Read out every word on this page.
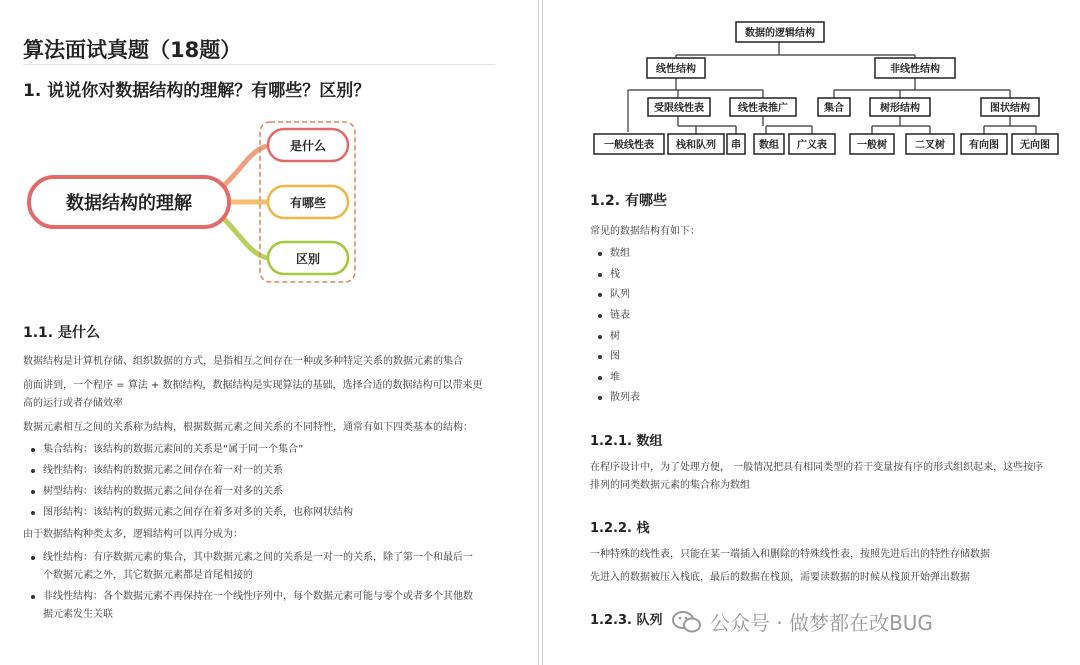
算法面试真题（18题）
1. 说说你对数据结构的理解？有哪些？区别？
数据结构的理解
是什么
有哪些
区别
1.1. 是什么
数据结构是计算机存储、组织数据的方式，是指相互之间存在一种或多种特定关系的数据元素的集合
前面讲到，一个程序 = 算法 + 数据结构，数据结构是实现算法的基础，选择合适的数据结构可以带来更
高的运行或者存储效率
数据元素相互之间的关系称为结构，根据数据元素之间关系的不同特性，通常有如下四类基本的结构：
集合结构：该结构的数据元素间的关系是“属于同一个集合”
线性结构：该结构的数据元素之间存在着一对一的关系
树型结构：该结构的数据元素之间存在着一对多的关系
图形结构：该结构的数据元素之间存在着多对多的关系，也称网状结构
由于数据结构种类太多，逻辑结构可以再分成为：
线性结构：有序数据元素的集合，其中数据元素之间的关系是一对一的关系，除了第一个和最后一
个数据元素之外，其它数据元素都是首尾相接的
非线性结构：各个数据元素不再保持在一个线性序列中，每个数据元素可能与零个或者多个其他数
据元素发生关联
数据的逻辑结构
线性结构	非线性结构
受限线性表	线性表推广	集合	树形结构	图状结构
一般线性表 栈和队列 串 数组 广义表	一般树	二叉树 有向图 无向图
1.2. 有哪些
常见的数据结构有如下：
数组
栈
队列
链表
树
图
堆
散列表
1.2.1. 数组
在程序设计中，为了处理方便， 一般情况把具有相同类型的若干变量按有序的形式组织起来，这些按序
排列的同类数据元素的集合称为数组
1.2.2. 栈
一种特殊的线性表，只能在某一端插入和删除的特殊线性表，按照先进后出的特性存储数据
先进入的数据被压入栈底，最后的数据在栈顶，需要读数据的时候从栈顶开始弹出数据
1.2.3. 队列 公众号 · 做梦都在改BUG
